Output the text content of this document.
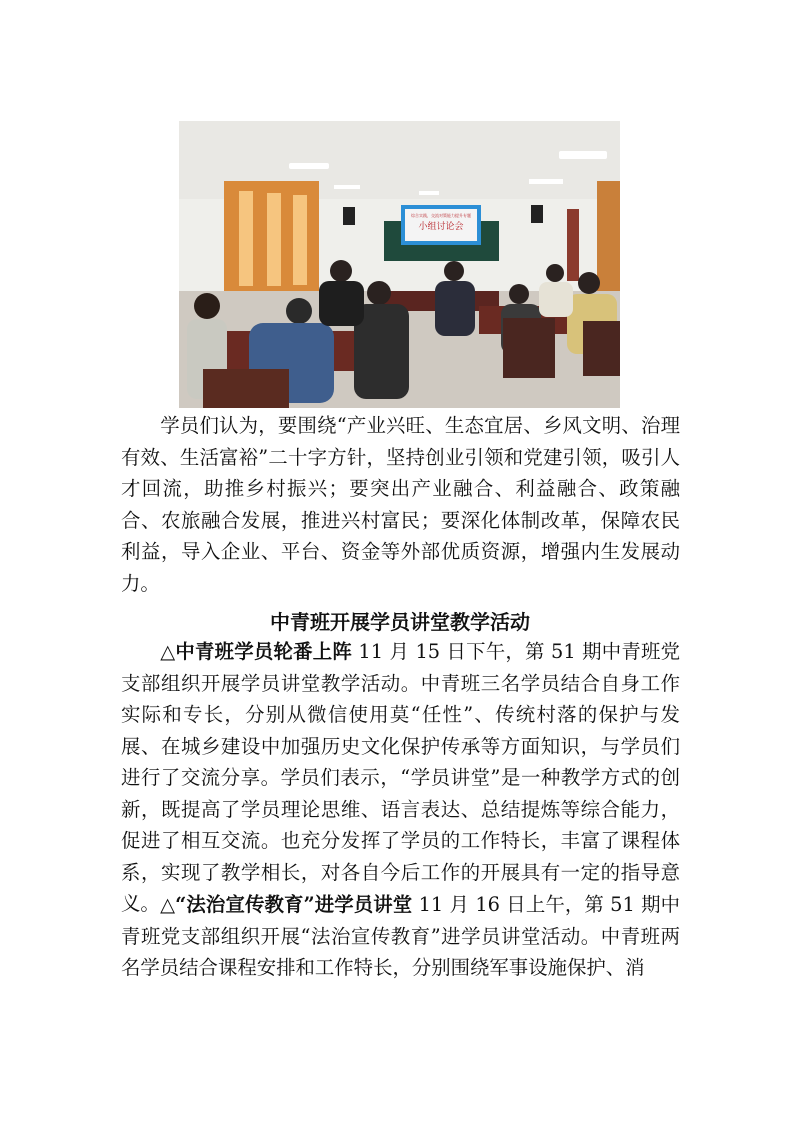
小组讨论会
综合实践，交流对策能力提升专题

学员们认为，要围绕“产业兴旺、生态宜居、乡风文明、治理有效、生活富裕”二十字方针，坚持创业引领和党建引领，吸引人才回流，助推乡村振兴；要突出产业融合、利益融合、政策融合、农旅融合发展，推进兴村富民；要深化体制改革，保障农民利益，导入企业、平台、资金等外部优质资源，增强内生发展动力。

中青班开展学员讲堂教学活动

△中青班学员轮番上阵 11 月 15 日下午，第 51 期中青班党支部组织开展学员讲堂教学活动。中青班三名学员结合自身工作实际和专长，分别从微信使用莫“任性”、传统村落的保护与发展、在城乡建设中加强历史文化保护传承等方面知识，与学员们进行了交流分享。学员们表示，“学员讲堂”是一种教学方式的创新，既提高了学员理论思维、语言表达、总结提炼等综合能力，促进了相互交流。也充分发挥了学员的工作特长，丰富了课程体系，实现了教学相长，对各自今后工作的开展具有一定的指导意义。 △“法治宣传教育”进学员讲堂 11 月 16 日上午，第 51 期中青班党支部组织开展“法治宣传教育”进学员讲堂活动。中青班两名学员结合课程安排和工作特长，分别围绕军事设施保护、消
